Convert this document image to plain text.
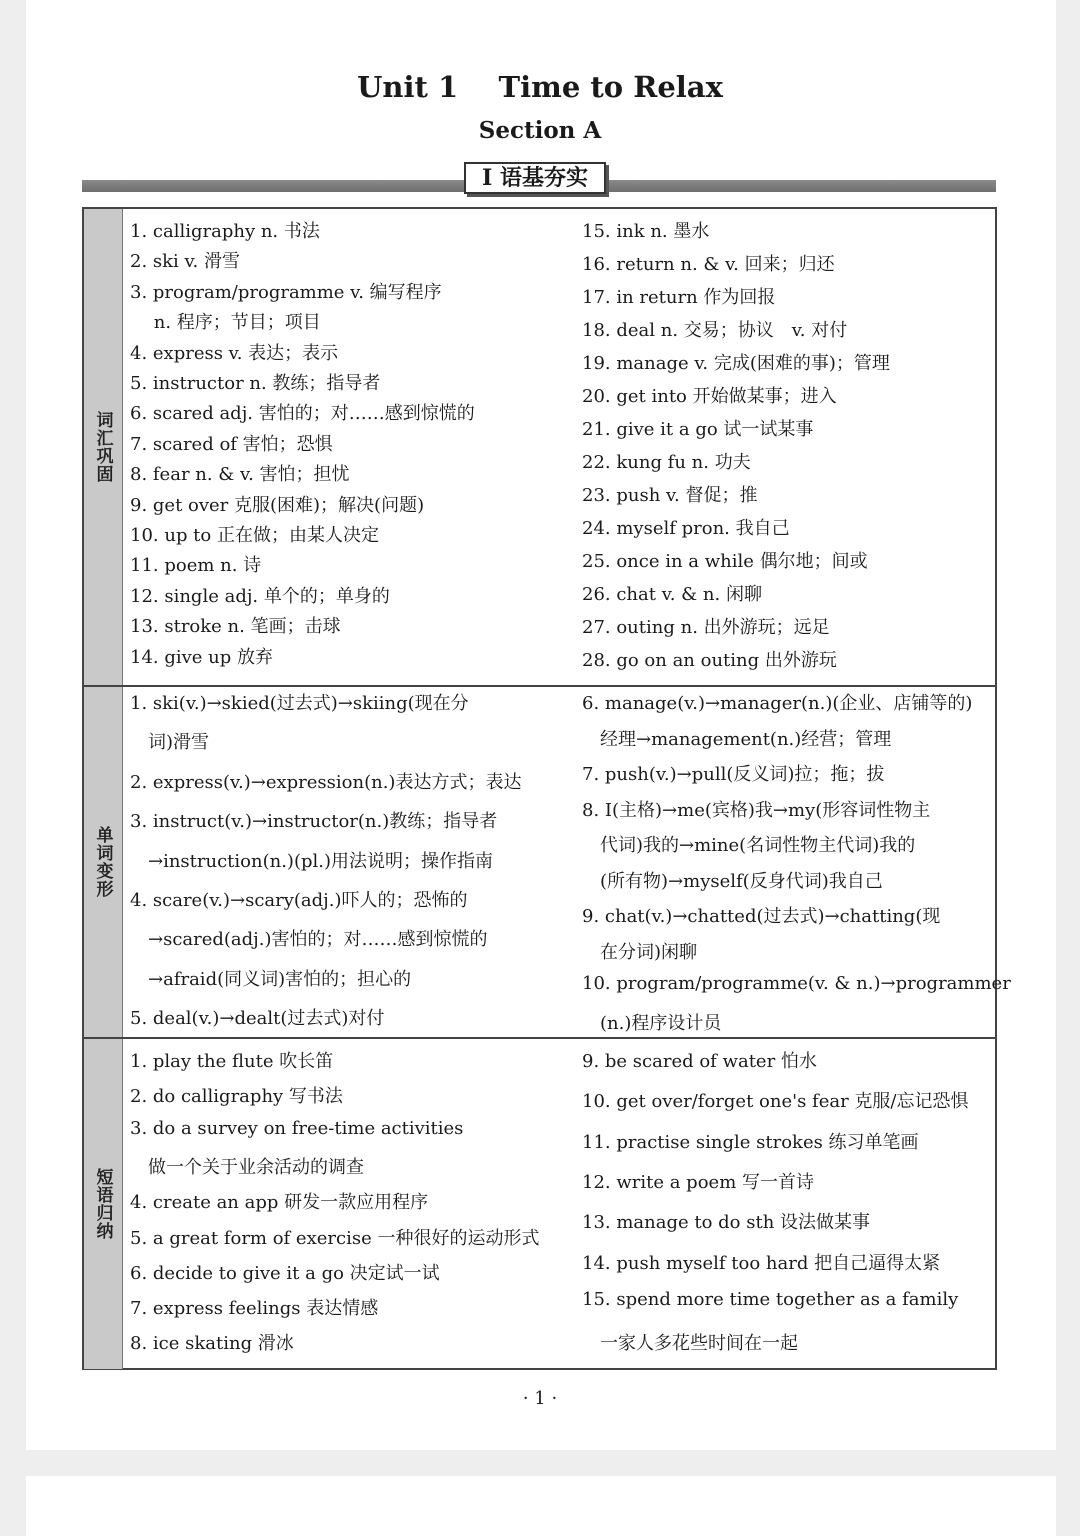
Unit 1    Time to Relax
Section A
I 语基夯实
词汇巩固
1. calligraphy n. 书法
2. ski v. 滑雪
3. program/programme v. 编写程序
　 n. 程序；节目；项目
4. express v. 表达；表示
5. instructor n. 教练；指导者
6. scared adj. 害怕的；对……感到惊慌的
7. scared of 害怕；恐惧
8. fear n. & v. 害怕；担忧
9. get over 克服(困难)；解决(问题)
10. up to 正在做；由某人决定
11. poem n. 诗
12. single adj. 单个的；单身的
13. stroke n. 笔画；击球
14. give up 放弃
15. ink n. 墨水
16. return n. & v. 回来；归还
17. in return 作为回报
18. deal n. 交易；协议　v. 对付
19. manage v. 完成(困难的事)；管理
20. get into 开始做某事；进入
21. give it a go 试一试某事
22. kung fu n. 功夫
23. push v. 督促；推
24. myself pron. 我自己
25. once in a while 偶尔地；间或
26. chat v. & n. 闲聊
27. outing n. 出外游玩；远足
28. go on an outing 出外游玩
单词变形
1. ski(v.)→skied(过去式)→skiing(现在分
　词)滑雪
2. express(v.)→expression(n.)表达方式；表达
3. instruct(v.)→instructor(n.)教练；指导者
　→instruction(n.)(pl.)用法说明；操作指南
4. scare(v.)→scary(adj.)吓人的；恐怖的
　→scared(adj.)害怕的；对……感到惊慌的
　→afraid(同义词)害怕的；担心的
5. deal(v.)→dealt(过去式)对付
6. manage(v.)→manager(n.)(企业、店铺等的)
　经理→management(n.)经营；管理
7. push(v.)→pull(反义词)拉；拖；拔
8. I(主格)→me(宾格)我→my(形容词性物主
　代词)我的→mine(名词性物主代词)我的
　(所有物)→myself(反身代词)我自己
9. chat(v.)→chatted(过去式)→chatting(现
　在分词)闲聊
10. program/programme(v. & n.)→programmer
　(n.)程序设计员
短语归纳
1. play the flute 吹长笛
2. do calligraphy 写书法
3. do a survey on free-time activities
　做一个关于业余活动的调查
4. create an app 研发一款应用程序
5. a great form of exercise 一种很好的运动形式
6. decide to give it a go 决定试一试
7. express feelings 表达情感
8. ice skating 滑冰
9. be scared of water 怕水
10. get over/forget one's fear 克服/忘记恐惧
11. practise single strokes 练习单笔画
12. write a poem 写一首诗
13. manage to do sth 设法做某事
14. push myself too hard 把自己逼得太紧
15. spend more time together as a family
　一家人多花些时间在一起
· 1 ·
